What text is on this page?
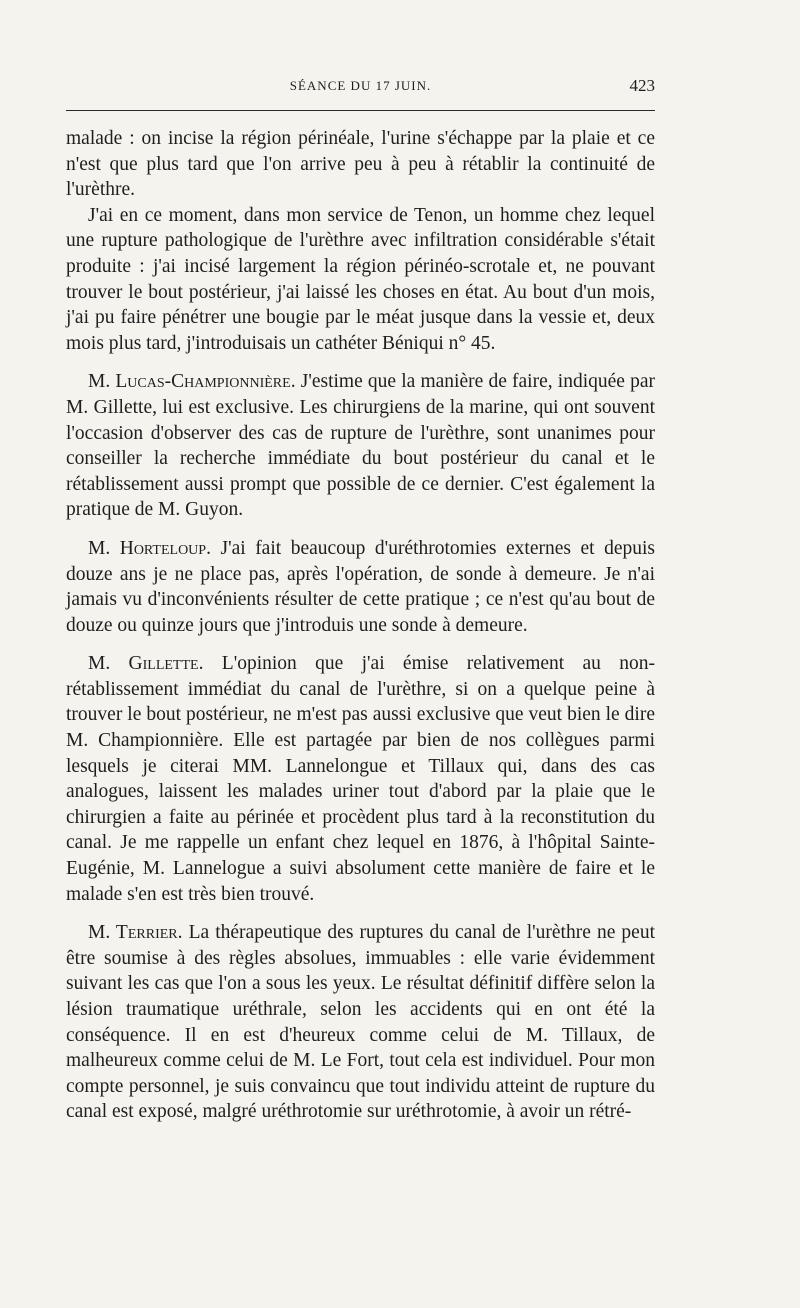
SÉANCE DU 17 JUIN.	423

malade : on incise la région périnéale, l'urine s'échappe par la plaie et ce n'est que plus tard que l'on arrive peu à peu à rétablir la continuité de l'urèthre.

J'ai en ce moment, dans mon service de Tenon, un homme chez lequel une rupture pathologique de l'urèthre avec infiltration considérable s'était produite : j'ai incisé largement la région périnéo-scrotale et, ne pouvant trouver le bout postérieur, j'ai laissé les choses en état. Au bout d'un mois, j'ai pu faire pénétrer une bougie par le méat jusque dans la vessie et, deux mois plus tard, j'introduisais un cathéter Béniqui n° 45.

M. Lucas-Championnière. J'estime que la manière de faire, indiquée par M. Gillette, lui est exclusive. Les chirurgiens de la marine, qui ont souvent l'occasion d'observer des cas de rupture de l'urèthre, sont unanimes pour conseiller la recherche immédiate du bout postérieur du canal et le rétablissement aussi prompt que possible de ce dernier. C'est également la pratique de M. Guyon.

M. Horteloup. J'ai fait beaucoup d'uréthrotomies externes et depuis douze ans je ne place pas, après l'opération, de sonde à demeure. Je n'ai jamais vu d'inconvénients résulter de cette pratique ; ce n'est qu'au bout de douze ou quinze jours que j'introduis une sonde à demeure.

M. Gillette. L'opinion que j'ai émise relativement au non-rétablissement immédiat du canal de l'urèthre, si on a quelque peine à trouver le bout postérieur, ne m'est pas aussi exclusive que veut bien le dire M. Championnière. Elle est partagée par bien de nos collègues parmi lesquels je citerai MM. Lannelongue et Tillaux qui, dans des cas analogues, laissent les malades uriner tout d'abord par la plaie que le chirurgien a faite au périnée et procèdent plus tard à la reconstitution du canal. Je me rappelle un enfant chez lequel en 1876, à l'hôpital Sainte-Eugénie, M. Lannelogue a suivi absolument cette manière de faire et le malade s'en est très bien trouvé.

M. Terrier. La thérapeutique des ruptures du canal de l'urèthre ne peut être soumise à des règles absolues, immuables : elle varie évidemment suivant les cas que l'on a sous les yeux. Le résultat définitif diffère selon la lésion traumatique uréthrale, selon les accidents qui en ont été la conséquence. Il en est d'heureux comme celui de M. Tillaux, de malheureux comme celui de M. Le Fort, tout cela est individuel. Pour mon compte personnel, je suis convaincu que tout individu atteint de rupture du canal est exposé, malgré uréthrotomie sur uréthrotomie, à avoir un rétré-
